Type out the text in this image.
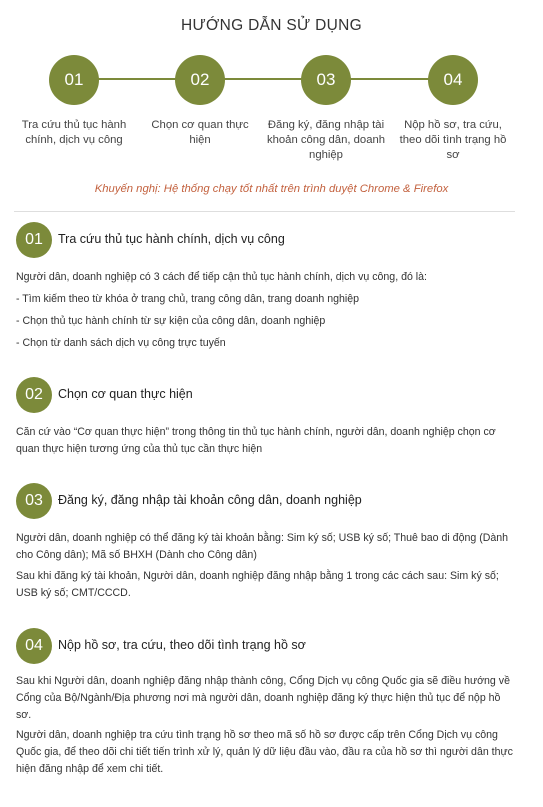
HƯỚNG DẪN SỬ DỤNG
01
Tra cứu thủ tục hành chính, dịch vụ công
02
Chọn cơ quan thực hiện
03
Đăng ký, đăng nhập tài khoản công dân, doanh nghiệp
04
Nộp hồ sơ, tra cứu, theo dõi tình trạng hồ sơ
Khuyến nghị: Hệ thống chạy tốt nhất trên trình duyệt Chrome & Firefox
01	Tra cứu thủ tục hành chính, dịch vụ công

Người dân, doanh nghiệp có 3 cách để tiếp cận thủ tục hành chính, dịch vụ công, đó là:

- Tìm kiếm theo từ khóa ở trang chủ, trang công dân, trang doanh nghiệp

- Chọn thủ tục hành chính từ sự kiện của công dân, doanh nghiệp

- Chọn từ danh sách dịch vụ công trực tuyến

02	Chọn cơ quan thực hiện

Căn cứ vào “Cơ quan thực hiện” trong thông tin thủ tục hành chính, người dân, doanh nghiệp chọn cơ quan thực hiện tương ứng của thủ tục cần thực hiện

03	Đăng ký, đăng nhập tài khoản công dân, doanh nghiệp

Người dân, doanh nghiệp có thể đăng ký tài khoản bằng: Sim ký số; USB ký số; Thuê bao di động (Dành cho Công dân); Mã số BHXH (Dành cho Công dân)

Sau khi đăng ký tài khoản, Người dân, doanh nghiệp đăng nhập bằng 1 trong các cách sau: Sim ký số; USB ký số; CMT/CCCD.

04	Nộp hồ sơ, tra cứu, theo dõi tình trạng hồ sơ

Sau khi Người dân, doanh nghiệp đăng nhập thành công, Cổng Dịch vụ công Quốc gia sẽ điều hướng về Cổng của Bộ/Ngành/Địa phương nơi mà người dân, doanh nghiệp đăng ký thực hiện thủ tục để nộp hồ sơ.

Người dân, doanh nghiệp tra cứu tình trạng hồ sơ theo mã số hồ sơ được cấp trên Cổng Dịch vụ công Quốc gia, để theo dõi chi tiết tiến trình xử lý, quản lý dữ liệu đầu vào, đầu ra của hồ sơ thì người dân thực hiện đăng nhập để xem chi tiết.
